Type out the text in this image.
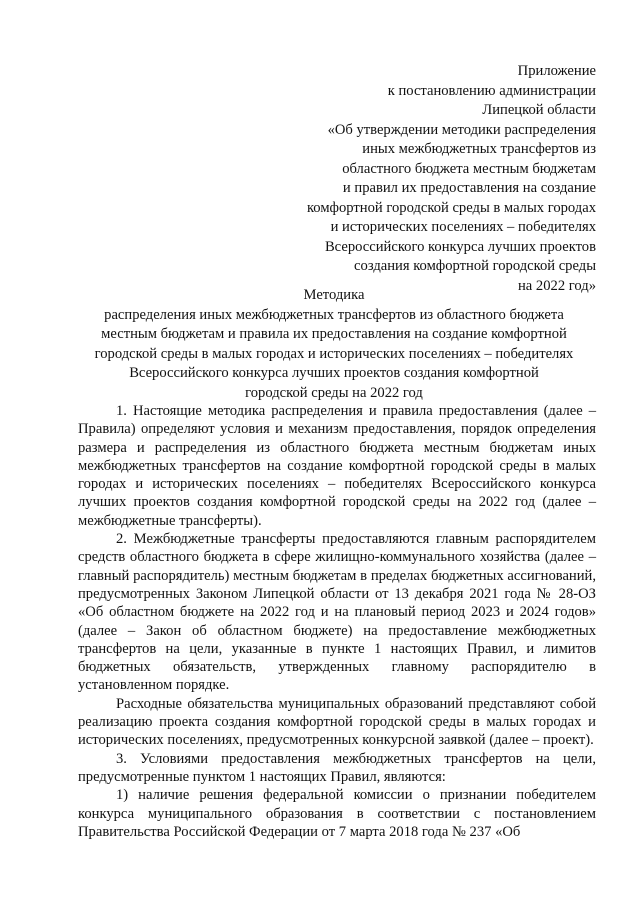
Приложение
к постановлению администрации
Липецкой области
«Об утверждении методики распределения
иных межбюджетных трансфертов из
областного бюджета местным бюджетам
и правил их предоставления на создание
комфортной городской среды в малых городах
и исторических поселениях – победителях
Всероссийского конкурса лучших проектов
создания комфортной городской среды
на 2022 год»
Методика
распределения иных межбюджетных трансфертов из областного бюджета
местным бюджетам и правила их предоставления на создание комфортной
городской среды в малых городах и исторических поселениях – победителях
Всероссийского конкурса лучших проектов создания комфортной
городской среды на 2022 год

1. Настоящие методика распределения и правила предоставления (далее – Правила) определяют условия и механизм предоставления, порядок определения размера и распределения из областного бюджета местным бюджетам иных межбюджетных трансфертов на создание комфортной городской среды в малых городах и исторических поселениях – победителях Всероссийского конкурса лучших проектов создания комфортной городской среды на 2022 год (далее – межбюджетные трансферты).

2. Межбюджетные трансферты предоставляются главным распорядителем средств областного бюджета в сфере жилищно-коммунального хозяйства (далее – главный распорядитель) местным бюджетам в пределах бюджетных ассигнований, предусмотренных Законом Липецкой области от 13 декабря 2021 года № 28-ОЗ «Об областном бюджете на 2022 год и на плановый период 2023 и 2024 годов» (далее – Закон об областном бюджете) на предоставление межбюджетных трансфертов на цели, указанные в пункте 1 настоящих Правил, и лимитов бюджетных обязательств, утвержденных главному распорядителю в установленном порядке.

Расходные обязательства муниципальных образований представляют собой реализацию проекта создания комфортной городской среды в малых городах и исторических поселениях, предусмотренных конкурсной заявкой (далее – проект).

3. Условиями предоставления межбюджетных трансфертов на цели, предусмотренные пунктом 1 настоящих Правил, являются:

1) наличие решения федеральной комиссии о признании победителем конкурса муниципального образования в соответствии с постановлением Правительства Российской Федерации от 7 марта 2018 года № 237 «Об
